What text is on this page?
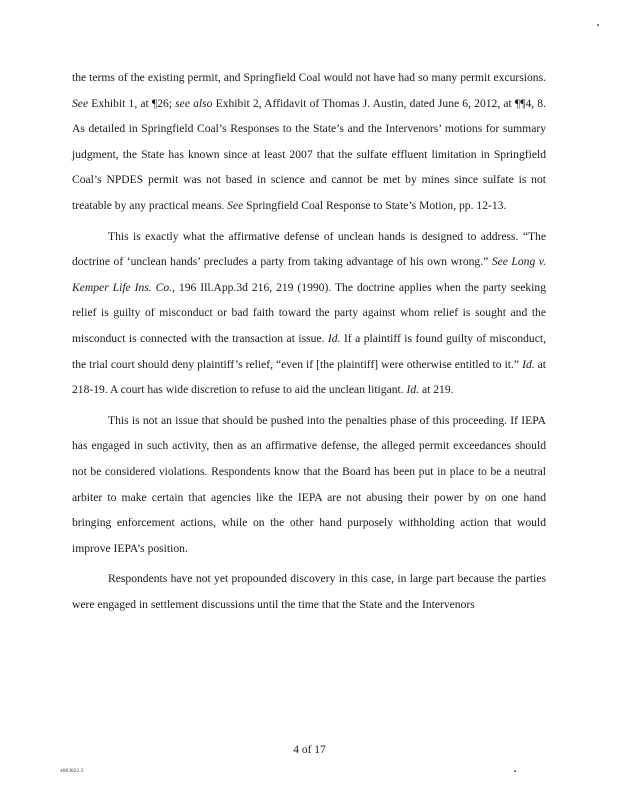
the terms of the existing permit, and Springfield Coal would not have had so many permit excursions. See Exhibit 1, at ¶26; see also Exhibit 2, Affidavit of Thomas J. Austin, dated June 6, 2012, at ¶¶4, 8. As detailed in Springfield Coal’s Responses to the State’s and the Intervenors’ motions for summary judgment, the State has known since at least 2007 that the sulfate effluent limitation in Springfield Coal’s NPDES permit was not based in science and cannot be met by mines since sulfate is not treatable by any practical means. See Springfield Coal Response to State’s Motion, pp. 12-13.

This is exactly what the affirmative defense of unclean hands is designed to address. “The doctrine of ‘unclean hands’ precludes a party from taking advantage of his own wrong.” See Long v. Kemper Life Ins. Co., 196 Ill.App.3d 216, 219 (1990). The doctrine applies when the party seeking relief is guilty of misconduct or bad faith toward the party against whom relief is sought and the misconduct is connected with the transaction at issue. Id. If a plaintiff is found guilty of misconduct, the trial court should deny plaintiff’s relief, “even if [the plaintiff] were otherwise entitled to it.” Id. at 218-19. A court has wide discretion to refuse to aid the unclean litigant. Id. at 219.

This is not an issue that should be pushed into the penalties phase of this proceeding. If IEPA has engaged in such activity, then as an affirmative defense, the alleged permit exceedances should not be considered violations. Respondents know that the Board has been put in place to be a neutral arbiter to make certain that agencies like the IEPA are not abusing their power by on one hand bringing enforcement actions, while on the other hand purposely withholding action that would improve IEPA’s position.

Respondents have not yet propounded discovery in this case, in large part because the parties were engaged in settlement discussions until the time that the State and the Intervenors

4 of 17
4003822.3
